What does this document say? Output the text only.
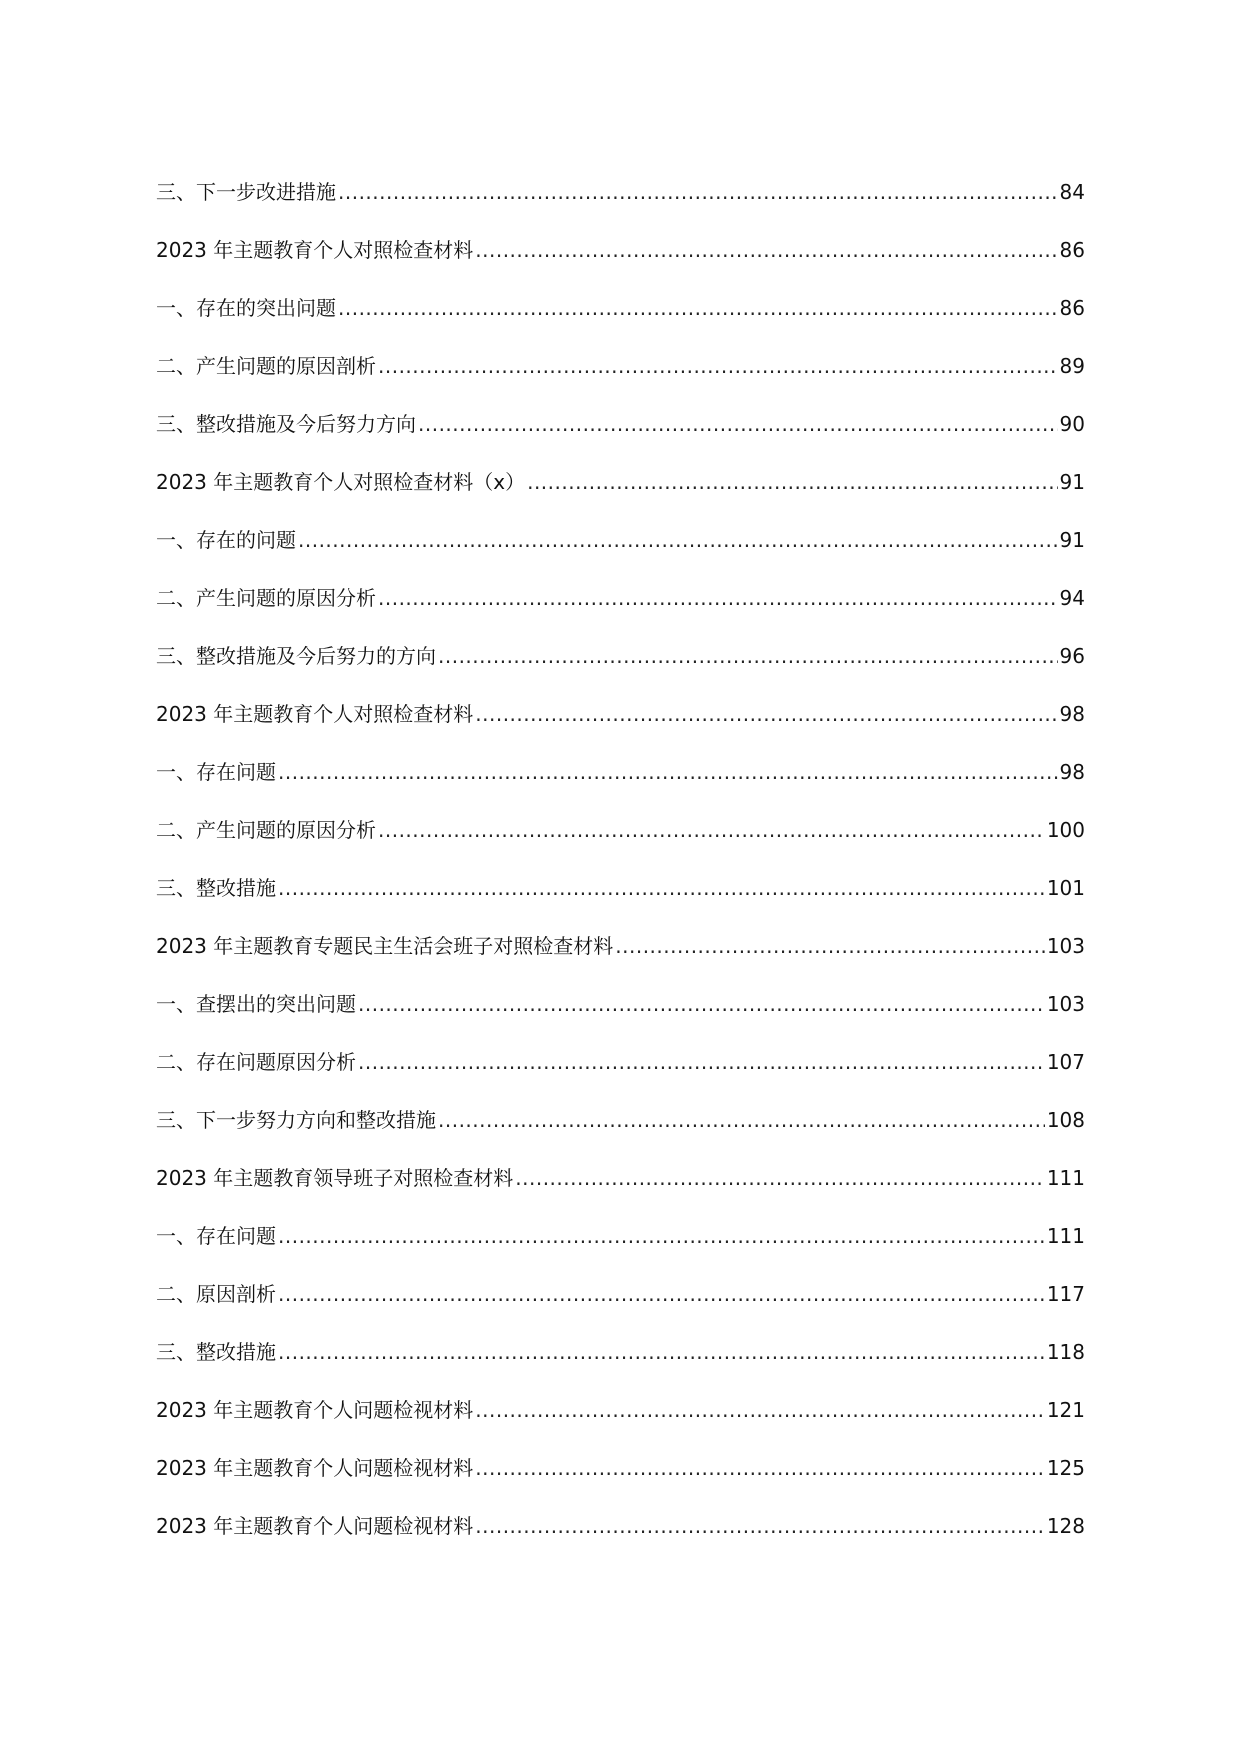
三、下一步改进措施 .....	84
2023 年主题教育个人对照检查材料 .....	86
一、存在的突出问题 .....	86
二、产生问题的原因剖析 .....	89
三、整改措施及今后努力方向 .....	90
2023 年主题教育个人对照检查材料（x） .....	91
一、存在的问题 .....	91
二、产生问题的原因分析 .....	94
三、整改措施及今后努力的方向 .....	96
2023 年主题教育个人对照检查材料 .....	98
一、存在问题 .....	98
二、产生问题的原因分析 .....	100
三、整改措施 .....	101
2023 年主题教育专题民主生活会班子对照检查材料 .....	103
一、查摆出的突出问题 .....	103
二、存在问题原因分析 .....	107
三、下一步努力方向和整改措施 .....	108
2023 年主题教育领导班子对照检查材料 .....	111
一、存在问题 .....	111
二、原因剖析 .....	117
三、整改措施 .....	118
2023 年主题教育个人问题检视材料 .....	121
2023 年主题教育个人问题检视材料 .....	125
2023 年主题教育个人问题检视材料 .....	128
